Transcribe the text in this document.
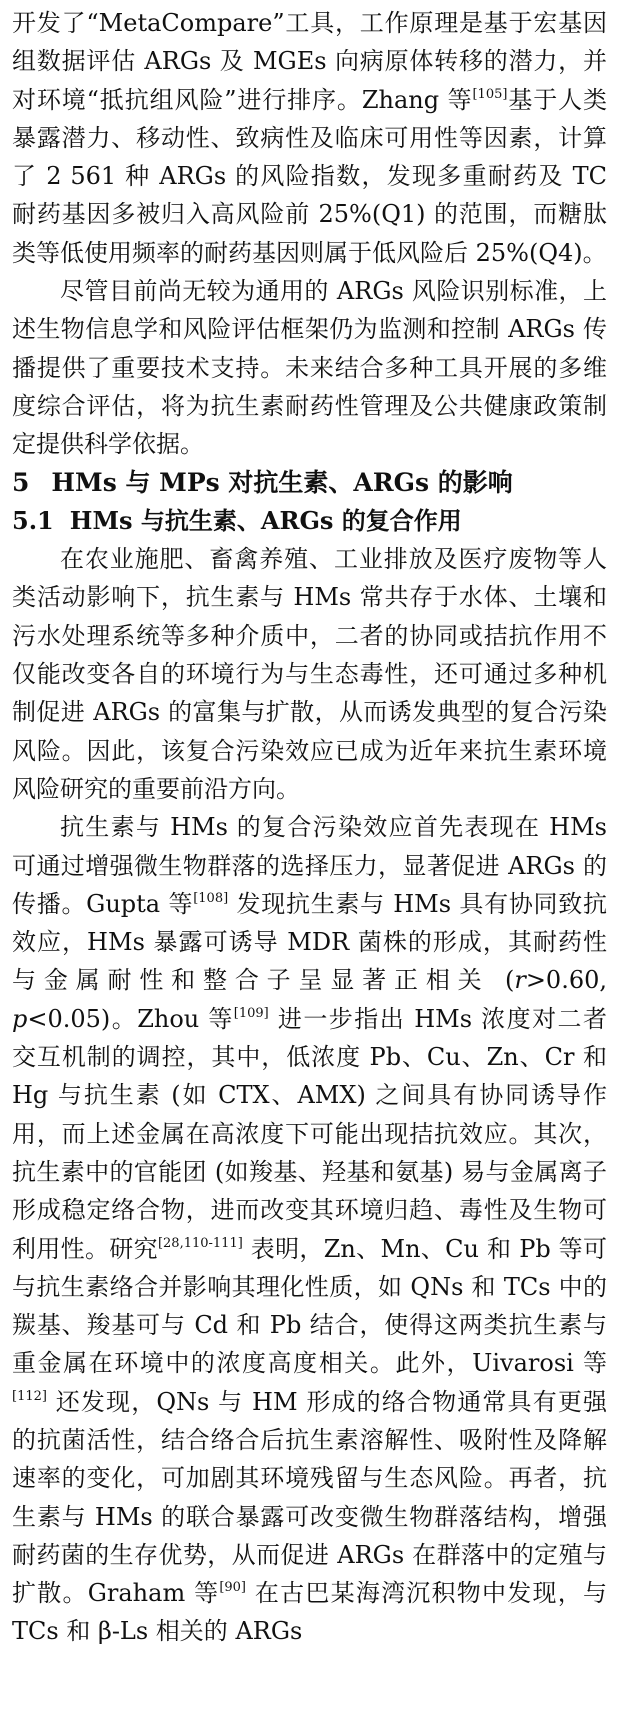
开发了“MetaCompare”工具，工作原理是基于宏基因组数据评估 ARGs 及 MGEs 向病原体转移的潜力，并对环境“抵抗组风险”进行排序。Zhang 等[105]基于人类暴露潜力、移动性、致病性及临床可用性等因素，计算了 2 561 种 ARGs 的风险指数，发现多重耐药及 TC 耐药基因多被归入高风险前 25%(Q1) 的范围，而糖肽类等低使用频率的耐药基因则属于低风险后 25%(Q4)。

尽管目前尚无较为通用的 ARGs 风险识别标准，上述生物信息学和风险评估框架仍为监测和控制 ARGs 传播提供了重要技术支持。未来结合多种工具开展的多维度综合评估，将为抗生素耐药性管理及公共健康政策制定提供科学依据。

5 HMs 与 MPs 对抗生素、ARGs 的影响
5.1 HMs 与抗生素、ARGs 的复合作用

在农业施肥、畜禽养殖、工业排放及医疗废物等人类活动影响下，抗生素与 HMs 常共存于水体、土壤和污水处理系统等多种介质中，二者的协同或拮抗作用不仅能改变各自的环境行为与生态毒性，还可通过多种机制促进 ARGs 的富集与扩散，从而诱发典型的复合污染风险。因此，该复合污染效应已成为近年来抗生素环境风险研究的重要前沿方向。

抗生素与 HMs 的复合污染效应首先表现在 HMs 可通过增强微生物群落的选择压力，显著促进 ARGs 的传播。Gupta 等[108] 发现抗生素与 HMs 具有协同致抗效应，HMs 暴露可诱导 MDR 菌株的形成，其耐药性与金属耐性和整合子呈显著正相关 (r>0.60, p<0.05)。Zhou 等[109] 进一步指出 HMs 浓度对二者交互机制的调控，其中，低浓度 Pb、Cu、Zn、Cr 和 Hg 与抗生素 (如 CTX、AMX) 之间具有协同诱导作用，而上述金属在高浓度下可能出现拮抗效应。其次，抗生素中的官能团 (如羧基、羟基和氨基) 易与金属离子形成稳定络合物，进而改变其环境归趋、毒性及生物可利用性。研究[28,110-111] 表明，Zn、Mn、Cu 和 Pb 等可与抗生素络合并影响其理化性质，如 QNs 和 TCs 中的羰基、羧基可与 Cd 和 Pb 结合，使得这两类抗生素与重金属在环境中的浓度高度相关。此外，Uivarosi 等[112] 还发现，QNs 与 HM 形成的络合物通常具有更强的抗菌活性，结合络合后抗生素溶解性、吸附性及降解速率的变化，可加剧其环境残留与生态风险。再者，抗生素与 HMs 的联合暴露可改变微生物群落结构，增强耐药菌的生存优势，从而促进 ARGs 在群落中的定殖与扩散。Graham 等[90] 在古巴某海湾沉积物中发现，与 TCs 和 β-Ls 相关的 ARGs
